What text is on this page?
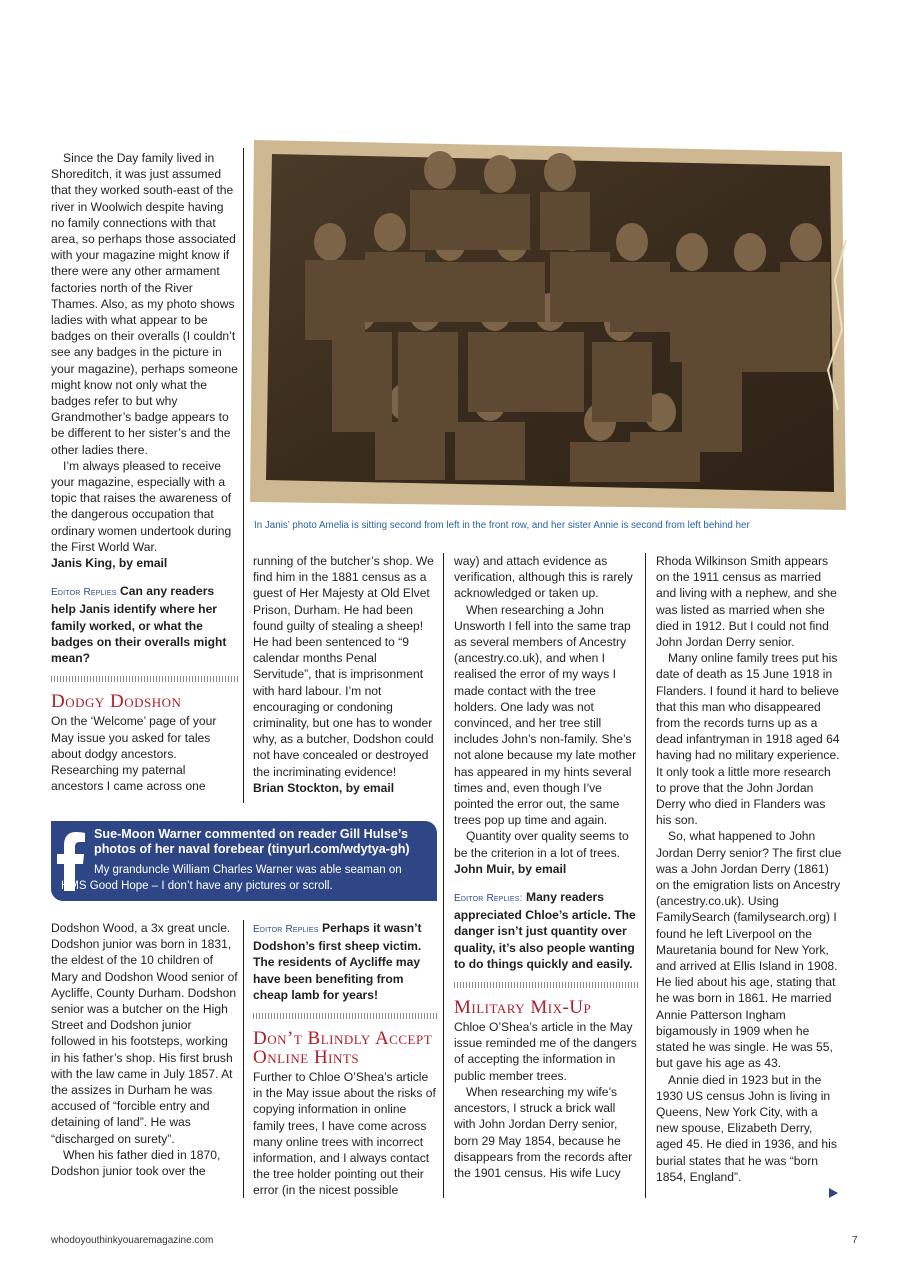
Since the Day family lived in Shoreditch, it was just assumed that they worked south-east of the river in Woolwich despite having no family connections with that area, so perhaps those associated with your magazine might know if there were any other armament factories north of the River Thames. Also, as my photo shows ladies with what appear to be badges on their overalls (I couldn’t see any badges in the picture in your magazine), perhaps someone might know not only what the badges refer to but why Grandmother’s badge appears to be different to her sister’s and the other ladies there.

I’m always pleased to receive your magazine, especially with a topic that raises the awareness of the dangerous occupation that ordinary women undertook during the First World War.

Janis King, by email

Editor Replies Can any readers help Janis identify where her family worked, or what the badges on their overalls might mean?

Dodgy Dodshon

On the ‘Welcome’ page of your May issue you asked for tales about dodgy ancestors. Researching my paternal ancestors I came across one

In Janis’ photo Amelia is sitting second from left in the front row, and her sister Annie is second from left behind her

running of the butcher’s shop. We find him in the 1881 census as a guest of Her Majesty at Old Elvet Prison, Durham. He had been found guilty of stealing a sheep! He had been sentenced to “9 calendar months Penal Servitude”, that is imprisonment with hard labour. I’m not encouraging or condoning criminality, but one has to wonder why, as a butcher, Dodshon could not have concealed or destroyed the incriminating evidence!

Brian Stockton, by email

way) and attach evidence as verification, although this is rarely acknowledged or taken up.

When researching a John Unsworth I fell into the same trap as several members of Ancestry (ancestry.co.uk), and when I realised the error of my ways I made contact with the tree holders. One lady was not convinced, and her tree still includes John’s non-family. She’s not alone because my late mother has appeared in my hints several times and, even though I’ve pointed the error out, the same trees pop up time and again.

Quantity over quality seems to be the criterion in a lot of trees.

John Muir, by email

Editor Replies: Many readers appreciated Chloe’s article. The danger isn’t just quantity over quality, it’s also people wanting to do things quickly and easily.

Military Mix-Up

Chloe O’Shea’s article in the May issue reminded me of the dangers of accepting the information in public member trees.

When researching my wife’s ancestors, I struck a brick wall with John Jordan Derry senior, born 29 May 1854, because he disappears from the records after the 1901 census. His wife Lucy

Rhoda Wilkinson Smith appears on the 1911 census as married and living with a nephew, and she was listed as married when she died in 1912. But I could not find John Jordan Derry senior.

Many online family trees put his date of death as 15 June 1918 in Flanders. I found it hard to believe that this man who disappeared from the records turns up as a dead infantryman in 1918 aged 64 having had no military experience. It only took a little more research to prove that the John Jordan Derry who died in Flanders was his son.

So, what happened to John Jordan Derry senior? The first clue was a John Jordan Derry (1861) on the emigration lists on Ancestry (ancestry.co.uk). Using FamilySearch (familysearch.org) I found he left Liverpool on the Mauretania bound for New York, and arrived at Ellis Island in 1908. He lied about his age, stating that he was born in 1861. He married Annie Patterson Ingham bigamously in 1909 when he stated he was single. He was 55, but gave his age as 43.

Annie died in 1923 but in the 1930 US census John is living in Queens, New York City, with a new spouse, Elizabeth Derry, aged 45. He died in 1936, and his burial states that he was “born 1854, England”.

Sue-Moon Warner commented on reader Gill Hulse’s photos of her naval forebear (tinyurl.com/wdytya-gh)
My granduncle William Charles Warner was able seaman on
HMS Good Hope – I don’t have any pictures or scroll.

Dodshon Wood, a 3x great uncle. Dodshon junior was born in 1831, the eldest of the 10 children of Mary and Dodshon Wood senior of Aycliffe, County Durham. Dodshon senior was a butcher on the High Street and Dodshon junior followed in his footsteps, working in his father’s shop. His first brush with the law came in July 1857. At the assizes in Durham he was accused of “forcible entry and detaining of land”. He was “discharged on surety”.

When his father died in 1870, Dodshon junior took over the

Editor Replies Perhaps it wasn’t Dodshon’s first sheep victim. The residents of Aycliffe may have been benefiting from cheap lamb for years!

Don’t Blindly Accept Online Hints

Further to Chloe O’Shea’s article in the May issue about the risks of copying information in online family trees, I have come across many online trees with incorrect information, and I always contact the tree holder pointing out their error (in the nicest possible

whodoyouthinkyouaremagazine.com	7
